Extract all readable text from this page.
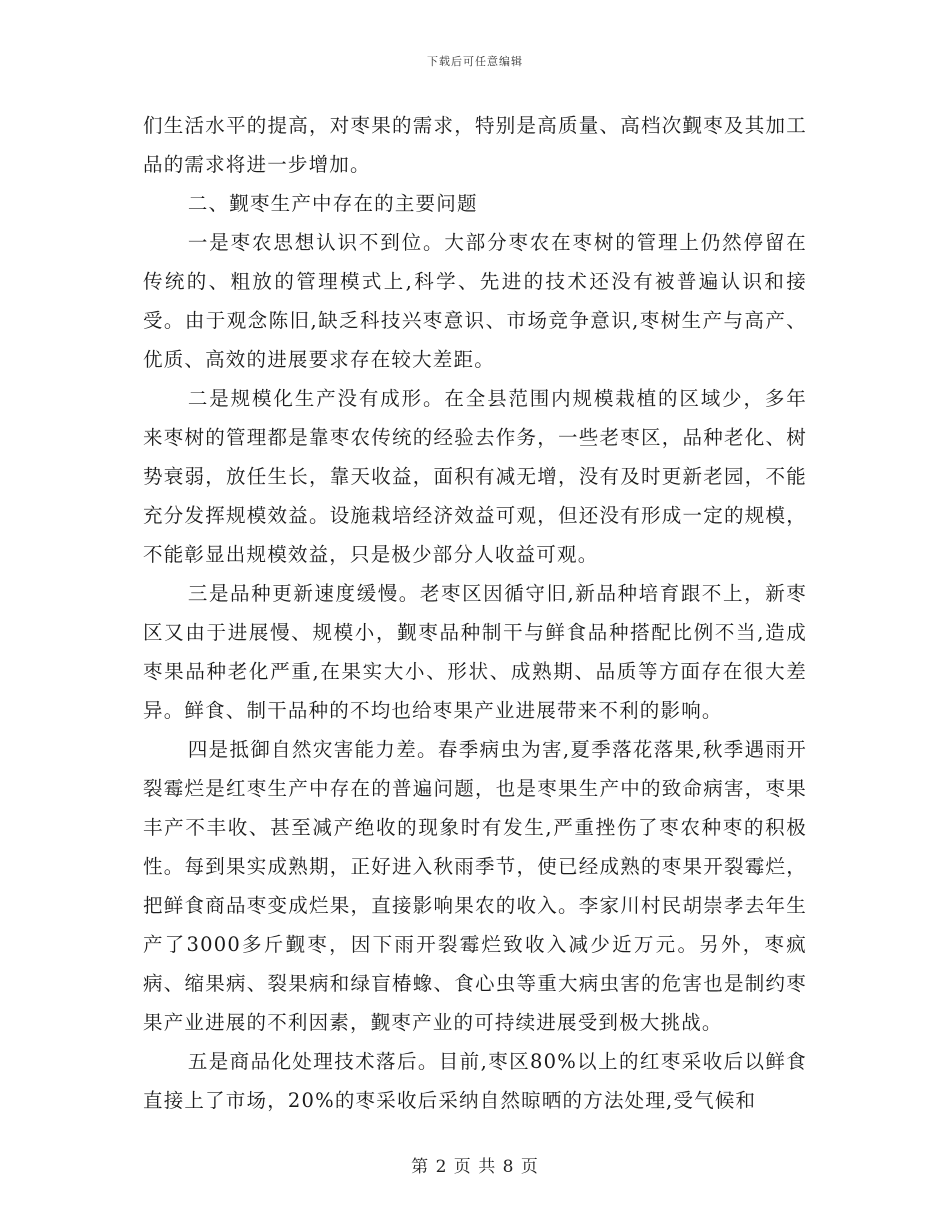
下载后可任意编辑

们生活水平的提高，对枣果的需求，特别是高质量、高档次觐枣及其加工品的需求将进一步增加。

二、觐枣生产中存在的主要问题

一是枣农思想认识不到位。大部分枣农在枣树的管理上仍然停留在传统的、粗放的管理模式上,科学、先进的技术还没有被普遍认识和接受。由于观念陈旧,缺乏科技兴枣意识、市场竞争意识,枣树生产与高产、优质、高效的进展要求存在较大差距。

二是规模化生产没有成形。在全县范围内规模栽植的区域少，多年来枣树的管理都是靠枣农传统的经验去作务，一些老枣区，品种老化、树势衰弱，放任生长，靠天收益，面积有减无增，没有及时更新老园，不能充分发挥规模效益。设施栽培经济效益可观，但还没有形成一定的规模，不能彰显出规模效益，只是极少部分人收益可观。

三是品种更新速度缓慢。老枣区因循守旧,新品种培育跟不上，新枣区又由于进展慢、规模小，觐枣品种制干与鲜食品种搭配比例不当,造成枣果品种老化严重,在果实大小、形状、成熟期、品质等方面存在很大差异。鲜食、制干品种的不均也给枣果产业进展带来不利的影响。

四是抵御自然灾害能力差。春季病虫为害,夏季落花落果,秋季遇雨开裂霉烂是红枣生产中存在的普遍问题，也是枣果生产中的致命病害，枣果丰产不丰收、甚至减产绝收的现象时有发生,严重挫伤了枣农种枣的积极性。每到果实成熟期，正好进入秋雨季节，使已经成熟的枣果开裂霉烂，把鲜食商品枣变成烂果，直接影响果农的收入。李家川村民胡崇孝去年生产了3000多斤觐枣，因下雨开裂霉烂致收入减少近万元。另外，枣疯病、缩果病、裂果病和绿盲椿蟓、食心虫等重大病虫害的危害也是制约枣果产业进展的不利因素，觐枣产业的可持续进展受到极大挑战。

五是商品化处理技术落后。目前,枣区80%以上的红枣采收后以鲜食直接上了市场，20%的枣采收后采纳自然晾晒的方法处理,受气候和

第 2 页 共 8 页
